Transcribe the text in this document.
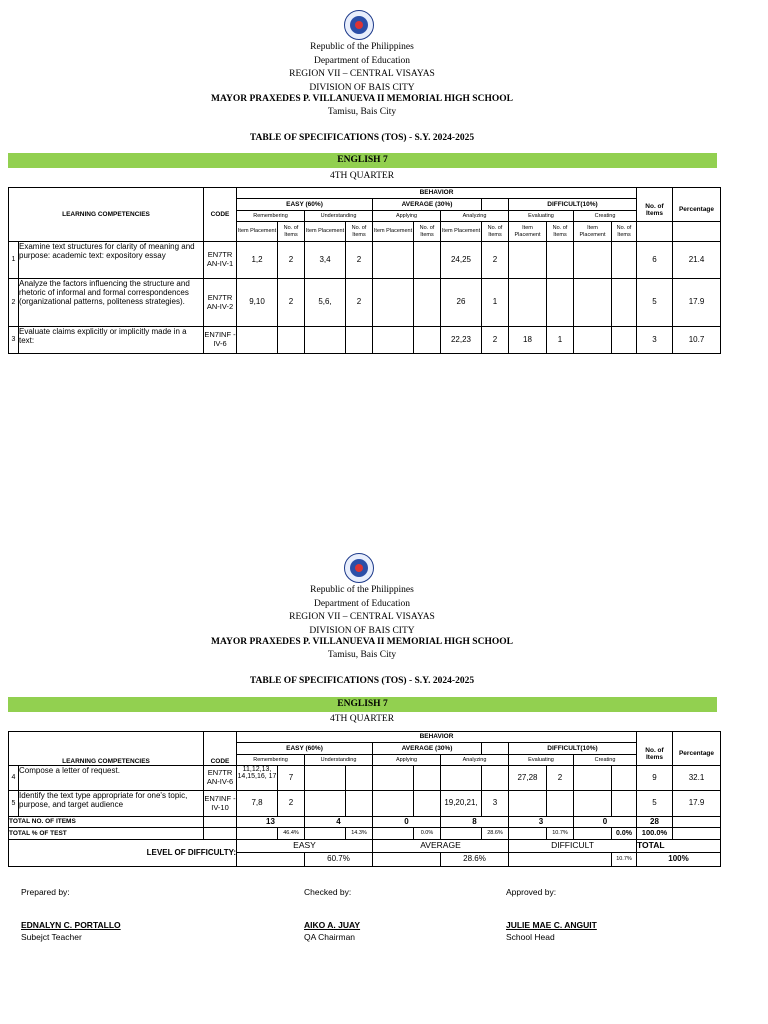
Republic of the Philippines
Department of Education
REGION VII – CENTRAL VISAYAS
DIVISION OF BAIS CITY
MAYOR PRAXEDES P. VILLANUEVA II MEMORIAL HIGH SCHOOL
Tamisu, Bais City
TABLE OF SPECIFICATIONS (TOS) - S.Y. 2024-2025
ENGLISH 7
4TH QUARTER
LEARNING COMPETENCIES		CODE	BEHAVIOR													
			EASY (60%)				AVERAGE (30%)				DIFFICULT(10%)				No. of Items	Percentage
			Remembering		Understanding		Applying		Analyzing		Evaluating		Creating			
			Item Placement	No. of Items	Item Placement	No. of Items	Item Placement	No. of Items	Item Placement	No. of Items	Item Placement	No. of Items	Item Placement	No. of Items		
1	Examine text structures for clarity of meaning and purpose: academic text: expository essay	EN7TR AN-IV-1	1,2	2	3,4	2			24,25	2					6	21.4
2	Analyze the factors influencing the structure and rhetoric of informal and formal correspondences (organizational patterns, politeness strategies).	EN7TR AN-IV-2	9,10	2	5,6,	2			26	1					5	17.9
3	Evaluate claims explicitly or implicitly made in a text:	EN7INF -IV-6							22,23	2	18	1			3	10.7
Republic of the Philippines
Department of Education
REGION VII – CENTRAL VISAYAS
DIVISION OF BAIS CITY
MAYOR PRAXEDES P. VILLANUEVA II MEMORIAL HIGH SCHOOL
Tamisu, Bais City
TABLE OF SPECIFICATIONS (TOS) - S.Y. 2024-2025
ENGLISH 7
4TH QUARTER
LEARNING COMPETENCIES		CODE	BEHAVIOR													
			EASY (60%)				AVERAGE (30%)				DIFFICULT(10%)				No. of Items	Percentage
			Remembering		Understanding		Applying		Analyzing		Evaluating		Creating			
4	Compose a letter of request.	EN7TR AN-IV-6	11,12,13, 14,15,16, 17	7							27,28	2			9	32.1
5	Identify the text type appropriate for one's topic, purpose, and target audience	EN7INF -IV-10	7,8	2					19,20,21,	3					5	17.9
TOTAL NO. OF ITEMS			13		4		0		8		3		0		28	
TOTAL % OF TEST				46.4%		14.3%		0.0%		28.6%		10.7%		0.0%	100.0%	
LEVEL OF DIFFICULTY:			EASY				AVERAGE				DIFFICULT				TOTAL	
					60.7%				28.6%					10.7%	100%	
Prepared by:
EDNALYN C. PORTALLO
Subejct Teacher
Checked by:
AIKO A. JUAY
QA Chairman
Approved by:
JULIE MAE C. ANGUIT
School Head
